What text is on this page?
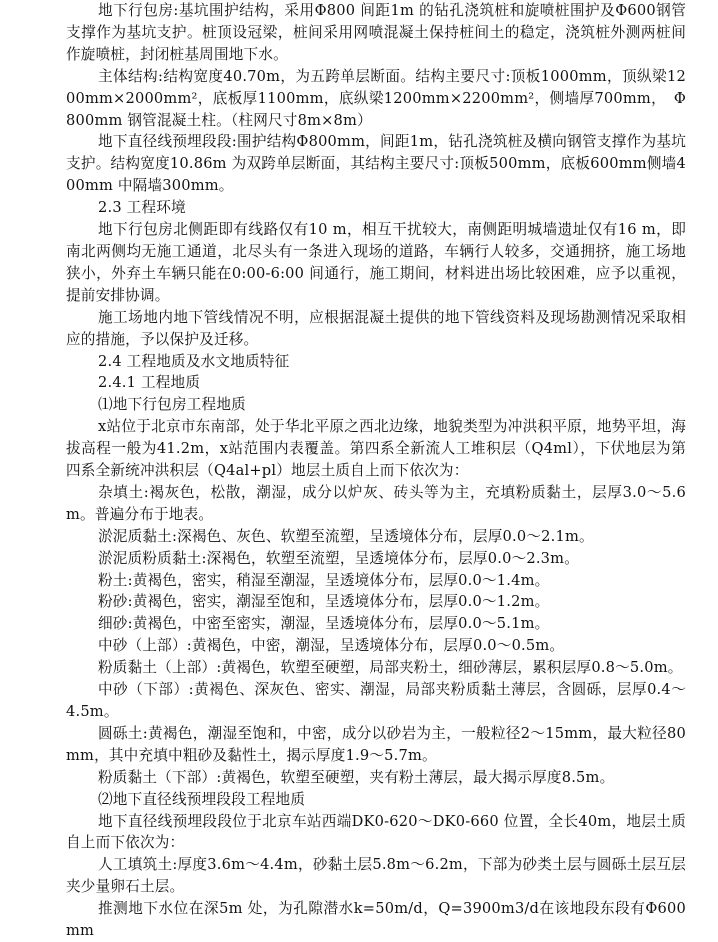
地下行包房:基坑围护结构，采用Φ800 间距1m 的钻孔浇筑桩和旋喷桩围护及Φ600钢管支撑作为基坑支护。桩顶设冠梁，桩间采用网喷混凝土保持桩间土的稳定，浇筑桩外测两桩间作旋喷桩，封闭桩基周围地下水。

主体结构:结构宽度40.70m，为五跨单层断面。结构主要尺寸:顶板1000mm，顶纵梁1200mm×2000mm²，底板厚1100mm，底纵梁1200mm×2200mm²，侧墙厚700mm，　Φ800mm 钢管混凝土柱。（柱网尺寸8m×8m）

地下直径线预埋段段:围护结构Φ800mm，间距1m，钻孔浇筑桩及横向钢管支撑作为基坑支护。结构宽度10.86m 为双跨单层断面，其结构主要尺寸:顶板500mm，底板600mm侧墙400mm 中隔墙300mm。

2.3 工程环境

地下行包房北侧距即有线路仅有10 m，相互干扰较大，南侧距明城墙遗址仅有16 m，即南北两侧均无施工通道，北尽头有一条进入现场的道路，车辆行人较多，交通拥挤，施工场地狭小，外弃土车辆只能在0:00-6:00 间通行，施工期间，材料进出场比较困难，应予以重视，提前安排协调。

施工场地内地下管线情况不明，应根据混凝土提供的地下管线资料及现场勘测情况采取相应的措施，予以保护及迁移。

2.4 工程地质及水文地质特征

2.4.1 工程地质

⑴地下行包房工程地质

x站位于北京市东南部，处于华北平原之西北边缘，地貌类型为冲洪积平原，地势平坦，海拔高程一般为41.2m，x站范围内表覆盖。第四系全新流人工堆积层（Q4ml），下伏地层为第四系全新统冲洪积层（Q4al+pl）地层土质自上而下依次为：

杂填土:褐灰色，松散，潮湿，成分以炉灰、砖头等为主，充填粉质黏土，层厚3.0～5.6m。普遍分布于地表。

淤泥质黏土:深褐色、灰色、软塑至流塑，呈透境体分布，层厚0.0～2.1m。

淤泥质粉质黏土:深褐色，软塑至流塑，呈透境体分布，层厚0.0～2.3m。

粉土:黄褐色，密实，稍湿至潮湿，呈透境体分布，层厚0.0～1.4m。

粉砂:黄褐色，密实，潮湿至饱和，呈透境体分布，层厚0.0～1.2m。

细砂:黄褐色，中密至密实，潮湿，呈透境体分布，层厚0.0～5.1m。

中砂（上部）:黄褐色，中密，潮湿，呈透境体分布，层厚0.0～0.5m。

粉质黏土（上部）:黄褐色，软塑至硬塑，局部夹粉土，细砂薄层，累积层厚0.8～5.0m。

中砂（下部）:黄褐色、深灰色、密实、潮湿，局部夹粉质黏土薄层，含圆砾，层厚0.4～4.5m。

圆砾土:黄褐色，潮湿至饱和，中密，成分以砂岩为主，一般粒径2～15mm，最大粒径80mm，其中充填中粗砂及黏性土，揭示厚度1.9～5.7m。

粉质黏土（下部）:黄褐色，软塑至硬塑，夹有粉土薄层，最大揭示厚度8.5m。

⑵地下直径线预埋段段工程地质

地下直径线预埋段段位于北京车站西端DK0-620～DK0-660 位置，全长40m，地层土质自上而下依次为：

人工填筑土:厚度3.6m～4.4m，砂黏土层5.8m～6.2m，下部为砂类土层与圆砾土层互层夹少量卵石土层。

推测地下水位在深5m 处，为孔隙潜水k=50m/d，Q=3900m3/d在该地段东段有Φ600mm
